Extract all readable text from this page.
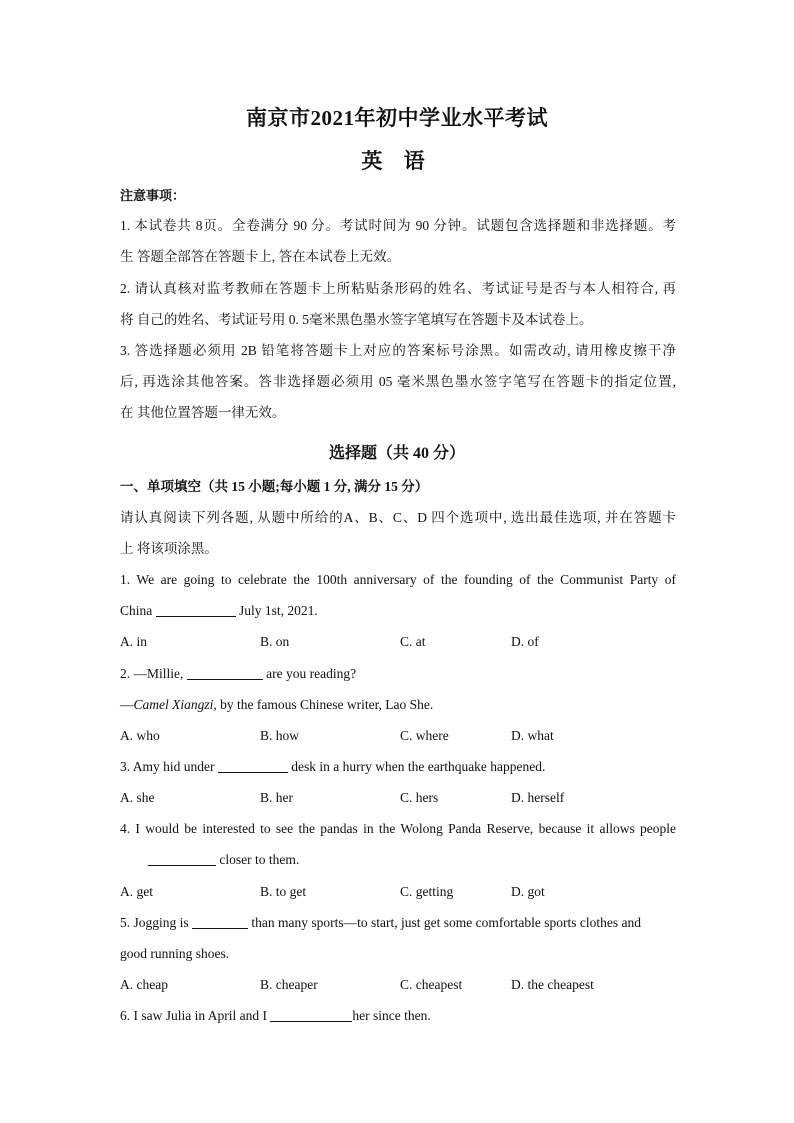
南京市2021年初中学业水平考试
英 语
注意事项：
1. 本试卷共 8页。全卷满分 90 分。考试时间为 90 分钟。试题包含选择题和非选择题。考
生 答题全部答在答题卡上, 答在本试卷上无效。
2. 请认真核对监考教师在答题卡上所粘贴条形码的姓名、考试证号是否与本人相符合, 再
将 自己的姓名、考试证号用 0. 5毫米黑色墨水签字笔填写在答题卡及本试卷上。
3. 答选择题必须用 2B 铅笔将答题卡上对应的答案标号涂黑。如需改动, 请用橡皮擦干净
后, 再选涂其他答案。答非选择题必须用 05 毫米黑色墨水签字笔写在答题卡的指定位置,
在 其他位置答题一律无效。
选择题（共 40 分）
一、单项填空（共 15 小题;每小题 1 分, 满分 15 分）
请认真阅读下列各题, 从题中所给的A、B、C、D 四个选项中, 选出最佳选项, 并在答题卡
上 将该项涂黑。
1. We are going to celebrate the 100th anniversary of the founding of the Communist Party of
China	July 1st, 2021.
A. in	B. on	C. at	D. of
2. —Millie,	are you reading?
—Camel Xiangzi, by the famous Chinese writer, Lao She.
A. who	B. how	C. where	D. what
3. Amy hid under	desk in a hurry when the earthquake happened.
A. she	B. her	C. hers	D. herself
4. I would be interested to see the pandas in the Wolong Panda Reserve, because it allows people
closer to them.
A. get	B. to get	C. getting	D. got
5. Jogging is	than many sports—to start, just get some comfortable sports clothes and
good running shoes.
A. cheap	B. cheaper	C. cheapest	D. the cheapest
6. I saw Julia in April and I	her since then.
